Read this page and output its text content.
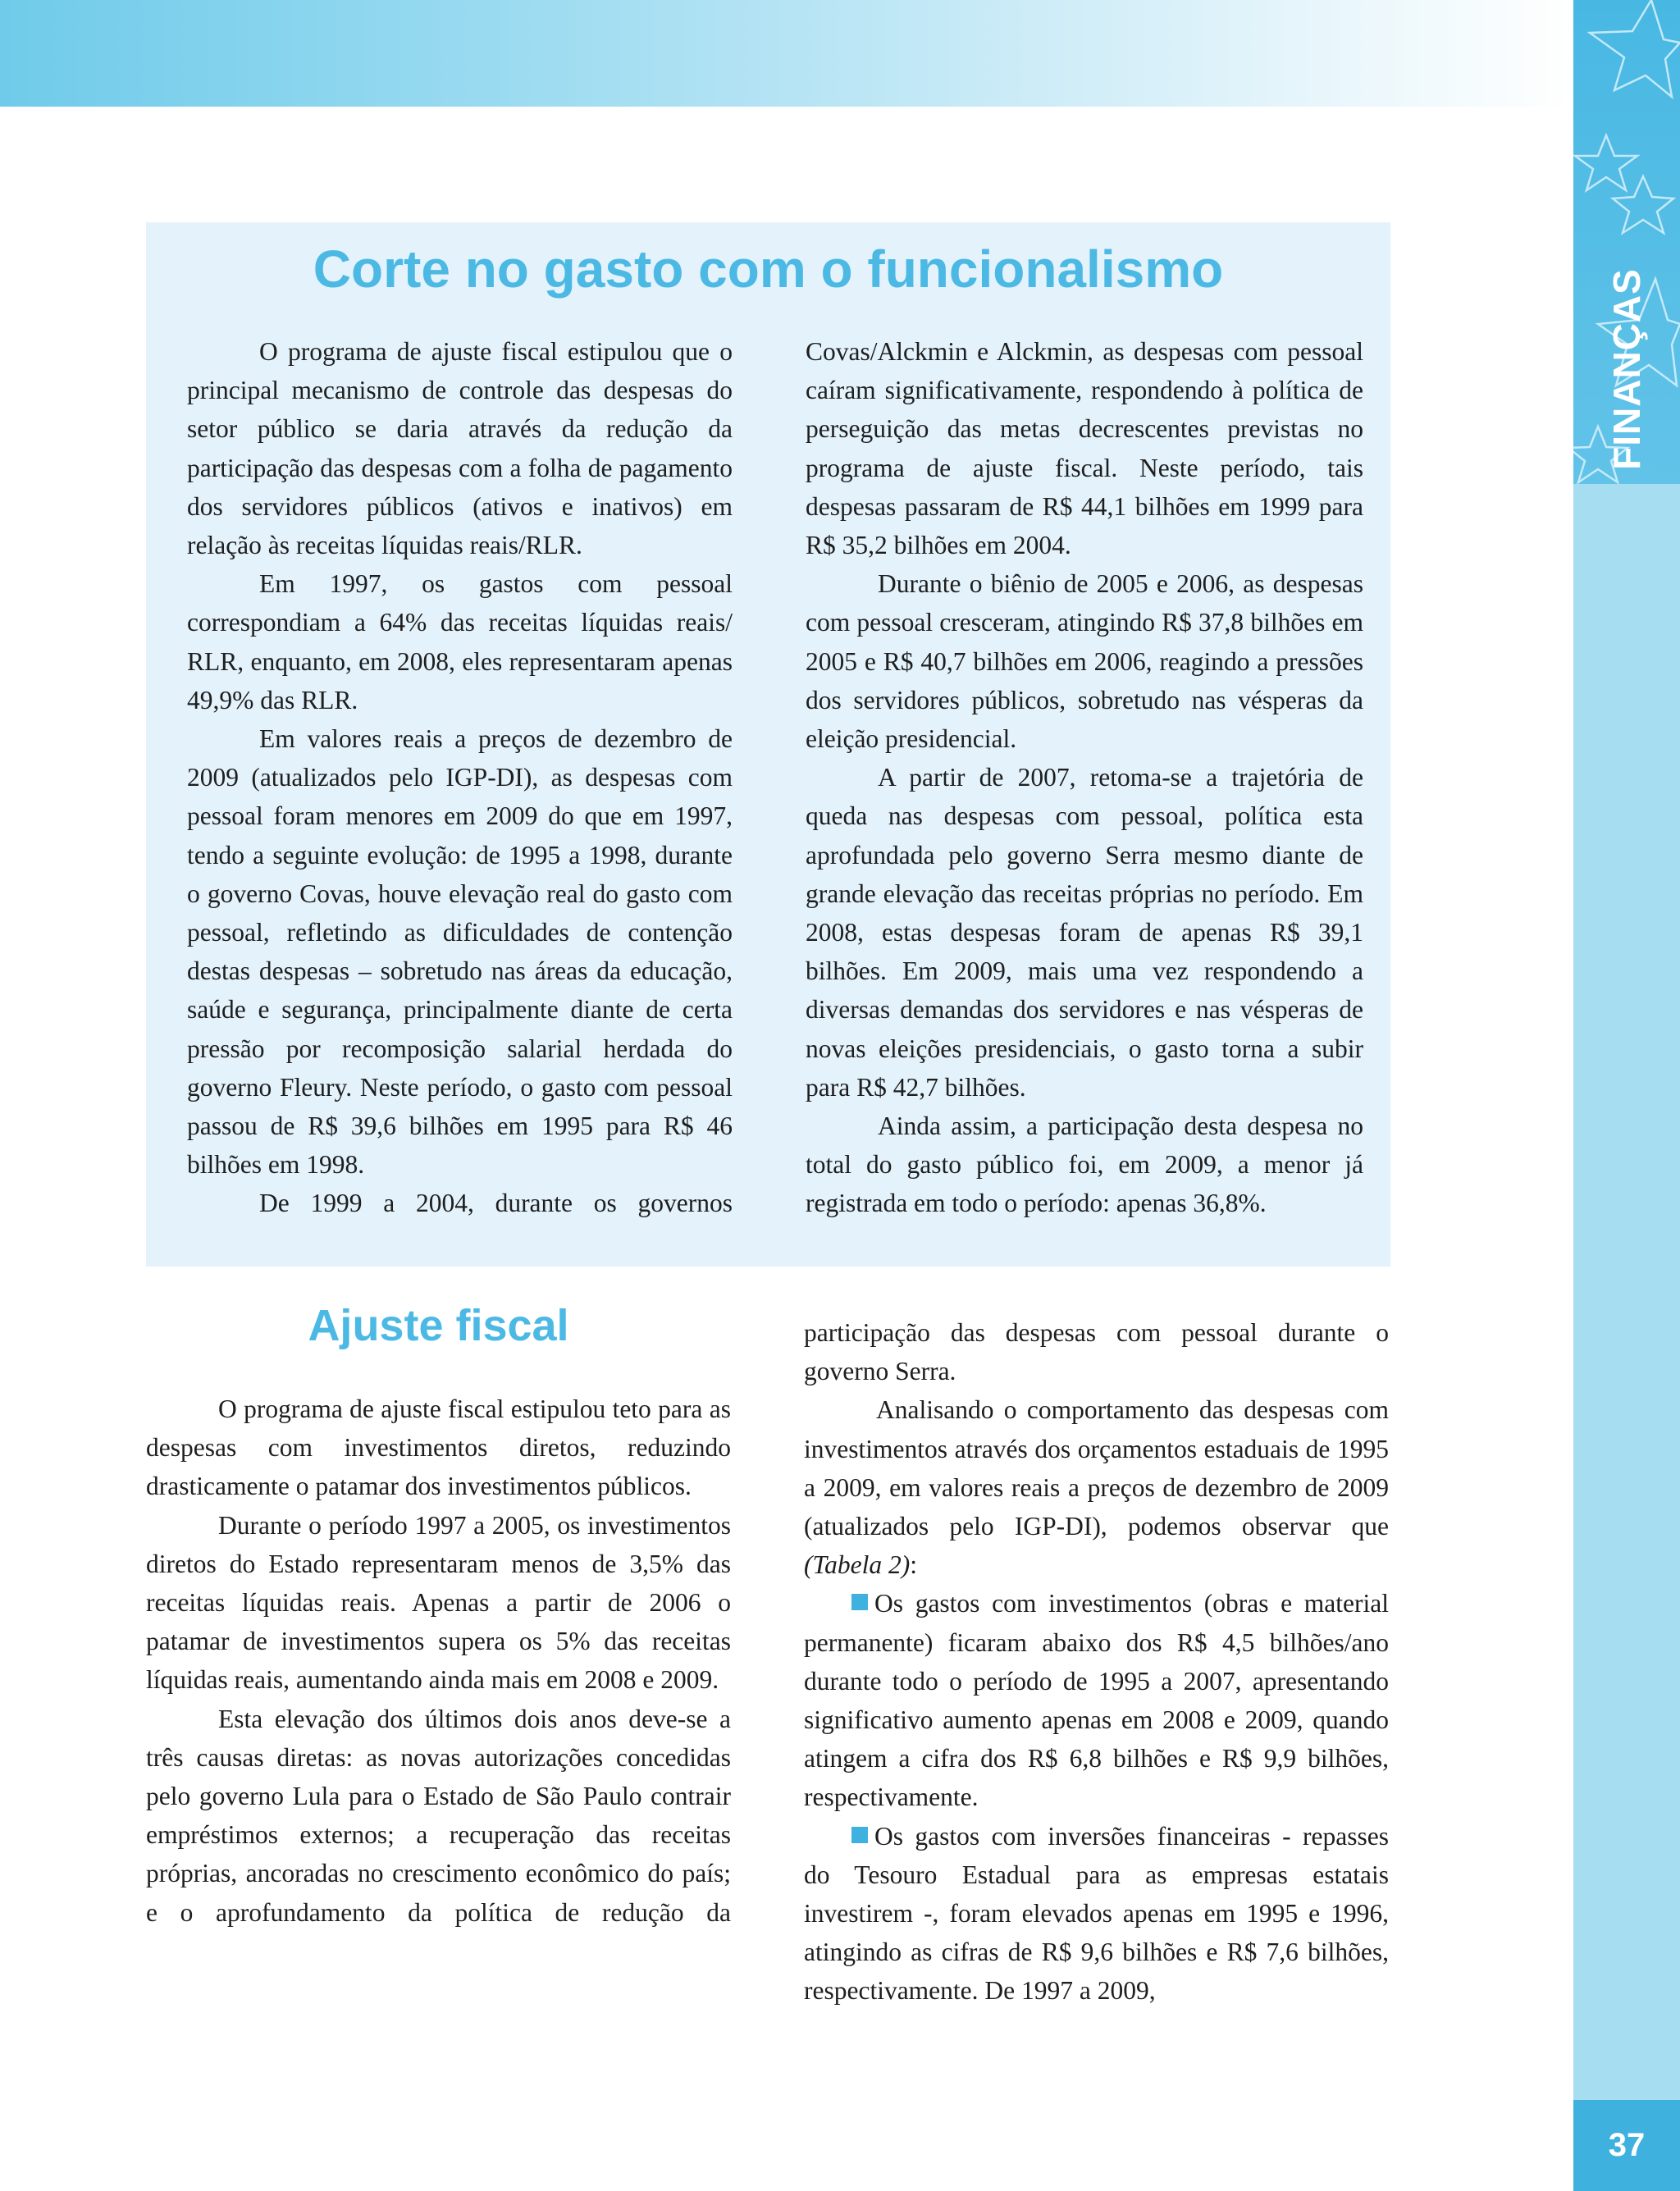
FINANÇAS
37
Corte no gasto com o funcionalismo

O programa de ajuste fiscal estipulou que o principal mecanismo de controle das despesas do setor público se daria através da redução da participação das despesas com a folha de pagamento dos servidores públicos (ativos e inativos) em relação às receitas líquidas reais/RLR.

Em 1997, os gastos com pessoal correspondiam a 64% das receitas líquidas reais/ RLR, enquanto, em 2008, eles representaram apenas 49,9% das RLR.

Em valores reais a preços de dezembro de 2009 (atualizados pelo IGP-DI), as despesas com pessoal foram menores em 2009 do que em 1997, tendo a seguinte evolução: de 1995 a 1998, durante o governo Covas, houve elevação real do gasto com pessoal, refletindo as dificuldades de contenção destas despesas – sobretudo nas áreas da educação, saúde e segurança, principalmente diante de certa pressão por recomposição salarial herdada do governo Fleury. Neste período, o gasto com pessoal passou de R$ 39,6 bilhões em 1995 para R$ 46 bilhões em 1998.

De 1999 a 2004, durante os governos

Covas/Alckmin e Alckmin, as despesas com pessoal caíram significativamente, respondendo à política de perseguição das metas decrescentes previstas no programa de ajuste fiscal. Neste período, tais despesas passaram de R$ 44,1 bilhões em 1999 para R$ 35,2 bilhões em 2004.

Durante o biênio de 2005 e 2006, as despesas com pessoal cresceram, atingindo R$ 37,8 bilhões em 2005 e R$ 40,7 bilhões em 2006, reagindo a pressões dos servidores públicos, sobretudo nas vésperas da eleição presidencial.

A partir de 2007, retoma-se a trajetória de queda nas despesas com pessoal, política esta aprofundada pelo governo Serra mesmo diante de grande elevação das receitas próprias no período. Em 2008, estas despesas foram de apenas R$ 39,1 bilhões. Em 2009, mais uma vez respondendo a diversas demandas dos servidores e nas vésperas de novas eleições presidenciais, o gasto torna a subir para R$ 42,7 bilhões.

Ainda assim, a participação desta despesa no total do gasto público foi, em 2009, a menor já registrada em todo o período: apenas 36,8%.

Ajuste fiscal

O programa de ajuste fiscal estipulou teto para as despesas com investimentos diretos, reduzindo drasticamente o patamar dos investimentos públicos.

Durante o período 1997 a 2005, os investimentos diretos do Estado representaram menos de 3,5% das receitas líquidas reais. Apenas a partir de 2006 o patamar de investimentos supera os 5% das receitas líquidas reais, aumentando ainda mais em 2008 e 2009.

Esta elevação dos últimos dois anos deve-se a três causas diretas: as novas autorizações concedidas pelo governo Lula para o Estado de São Paulo contrair empréstimos externos; a recuperação das receitas próprias, ancoradas no crescimento econômico do país; e o aprofundamento da política de redução da

participação das despesas com pessoal durante o governo Serra.

Analisando o comportamento das despesas com investimentos através dos orçamentos estaduais de 1995 a 2009, em valores reais a preços de dezembro de 2009 (atualizados pelo IGP-DI), podemos observar que (Tabela 2):

Os gastos com investimentos (obras e material permanente) ficaram abaixo dos R$ 4,5 bilhões/ano durante todo o período de 1995 a 2007, apresentando significativo aumento apenas em 2008 e 2009, quando atingem a cifra dos R$ 6,8 bilhões e R$ 9,9 bilhões, respectivamente.

Os gastos com inversões financeiras - repasses do Tesouro Estadual para as empresas estatais investirem -, foram elevados apenas em 1995 e 1996, atingindo as cifras de R$ 9,6 bilhões e R$ 7,6 bilhões, respectivamente. De 1997 a 2009,
